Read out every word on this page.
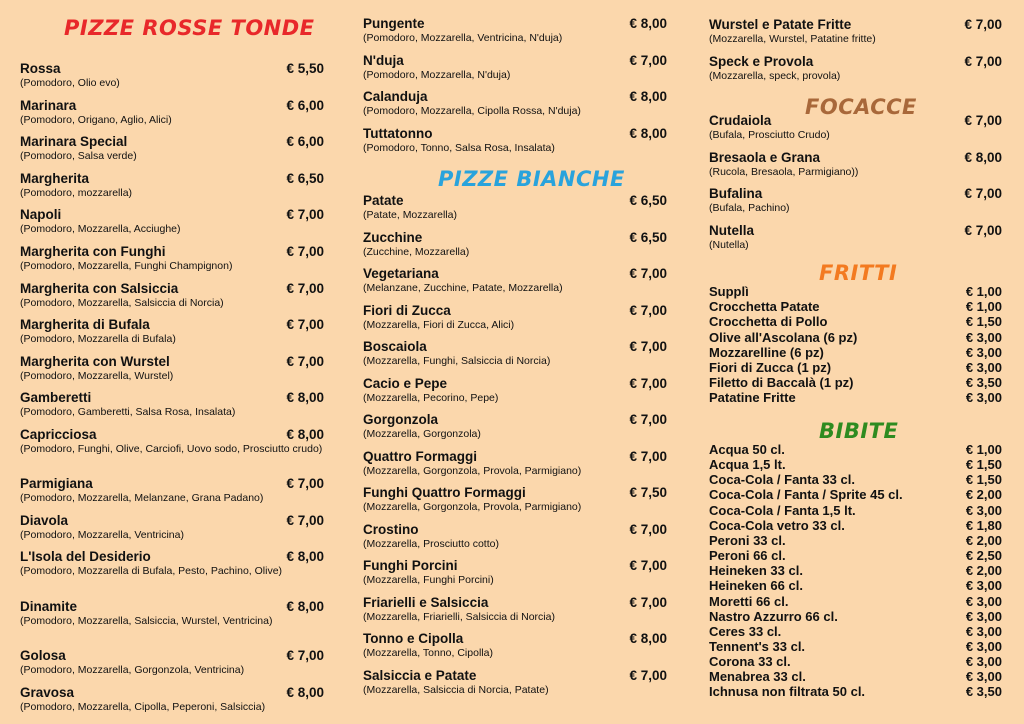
PIZZE ROSSE TONDE
Rossa	€ 5,50
(Pomodoro, Olio evo)
Marinara	€ 6,00
(Pomodoro, Origano, Aglio, Alici)
Marinara Special	€ 6,00
(Pomodoro, Salsa verde)
Margherita	€ 6,50
(Pomodoro, mozzarella)
Napoli	€ 7,00
(Pomodoro, Mozzarella, Acciughe)
Margherita con Funghi	€ 7,00
(Pomodoro, Mozzarella, Funghi Champignon)
Margherita con Salsiccia	€ 7,00
(Pomodoro, Mozzarella, Salsiccia di Norcia)
Margherita di Bufala	€ 7,00
(Pomodoro, Mozzarella di Bufala)
Margherita con Wurstel	€ 7,00
(Pomodoro, Mozzarella, Wurstel)
Gamberetti	€ 8,00
(Pomodoro, Gamberetti, Salsa Rosa, Insalata)
Capricciosa	€ 8,00
(Pomodoro, Funghi, Olive, Carciofi, Uovo sodo, Prosciutto crudo)
Parmigiana	€ 7,00
(Pomodoro, Mozzarella, Melanzane, Grana Padano)
Diavola	€ 7,00
(Pomodoro, Mozzarella, Ventricina)
L'Isola del Desiderio	€ 8,00
(Pomodoro, Mozzarella di Bufala, Pesto, Pachino, Olive)
Dinamite	€ 8,00
(Pomodoro, Mozzarella, Salsiccia, Wurstel, Ventricina)
Golosa	€ 7,00
(Pomodoro, Mozzarella, Gorgonzola, Ventricina)
Gravosa	€ 8,00
(Pomodoro, Mozzarella, Cipolla, Peperoni, Salsiccia)
Pungente	€ 8,00
(Pomodoro, Mozzarella, Ventricina, N'duja)
N'duja	€ 7,00
(Pomodoro, Mozzarella, N'duja)
Calanduja	€ 8,00
(Pomodoro, Mozzarella, Cipolla Rossa, N'duja)
Tuttatonno	€ 8,00
(Pomodoro, Tonno, Salsa Rosa, Insalata)
PIZZE BIANCHE
Patate	€ 6,50
(Patate, Mozzarella)
Zucchine	€ 6,50
(Zucchine, Mozzarella)
Vegetariana	€ 7,00
(Melanzane, Zucchine, Patate, Mozzarella)
Fiori di Zucca	€ 7,00
(Mozzarella, Fiori di Zucca, Alici)
Boscaiola	€ 7,00
(Mozzarella, Funghi, Salsiccia di Norcia)
Cacio e Pepe	€ 7,00
(Mozzarella, Pecorino, Pepe)
Gorgonzola	€ 7,00
(Mozzarella, Gorgonzola)
Quattro Formaggi	€ 7,00
(Mozzarella, Gorgonzola, Provola, Parmigiano)
Funghi Quattro Formaggi	€ 7,50
(Mozzarella, Gorgonzola, Provola, Parmigiano)
Crostino	€ 7,00
(Mozzarella, Prosciutto cotto)
Funghi Porcini	€ 7,00
(Mozzarella, Funghi Porcini)
Friarielli e Salsiccia	€ 7,00
(Mozzarella, Friarielli, Salsiccia di Norcia)
Tonno e Cipolla	€ 8,00
(Mozzarella, Tonno, Cipolla)
Salsiccia e Patate	€ 7,00
(Mozzarella, Salsiccia di Norcia, Patate)
Wurstel e Patate Fritte	€ 7,00
(Mozzarella, Wurstel, Patatine fritte)
Speck e Provola	€ 7,00
(Mozzarella, speck, provola)
FOCACCE
Crudaiola	€ 7,00
(Bufala, Prosciutto Crudo)
Bresaola e Grana	€ 8,00
(Rucola, Bresaola, Parmigiano))
Bufalina	€ 7,00
(Bufala, Pachino)
Nutella	€ 7,00
(Nutella)
FRITTI
Supplì	€ 1,00
Crocchetta Patate	€ 1,00
Crocchetta di Pollo	€ 1,50
Olive all'Ascolana (6 pz)	€ 3,00
Mozzarelline (6 pz)	€ 3,00
Fiori di Zucca (1 pz)	€ 3,00
Filetto di Baccalà (1 pz)	€ 3,50
Patatine Fritte	€ 3,00
BIBITE
Acqua 50 cl.	€ 1,00
Acqua 1,5 lt.	€ 1,50
Coca-Cola / Fanta 33 cl.	€ 1,50
Coca-Cola / Fanta / Sprite 45 cl.	€ 2,00
Coca-Cola / Fanta 1,5 lt.	€ 3,00
Coca-Cola vetro 33 cl.	€ 1,80
Peroni 33 cl.	€ 2,00
Peroni 66 cl.	€ 2,50
Heineken 33 cl.	€ 2,00
Heineken 66 cl.	€ 3,00
Moretti 66 cl.	€ 3,00
Nastro Azzurro 66 cl.	€ 3,00
Ceres 33 cl.	€ 3,00
Tennent's 33 cl.	€ 3,00
Corona 33 cl.	€ 3,00
Menabrea 33 cl.	€ 3,00
Ichnusa non filtrata 50 cl.	€ 3,50
